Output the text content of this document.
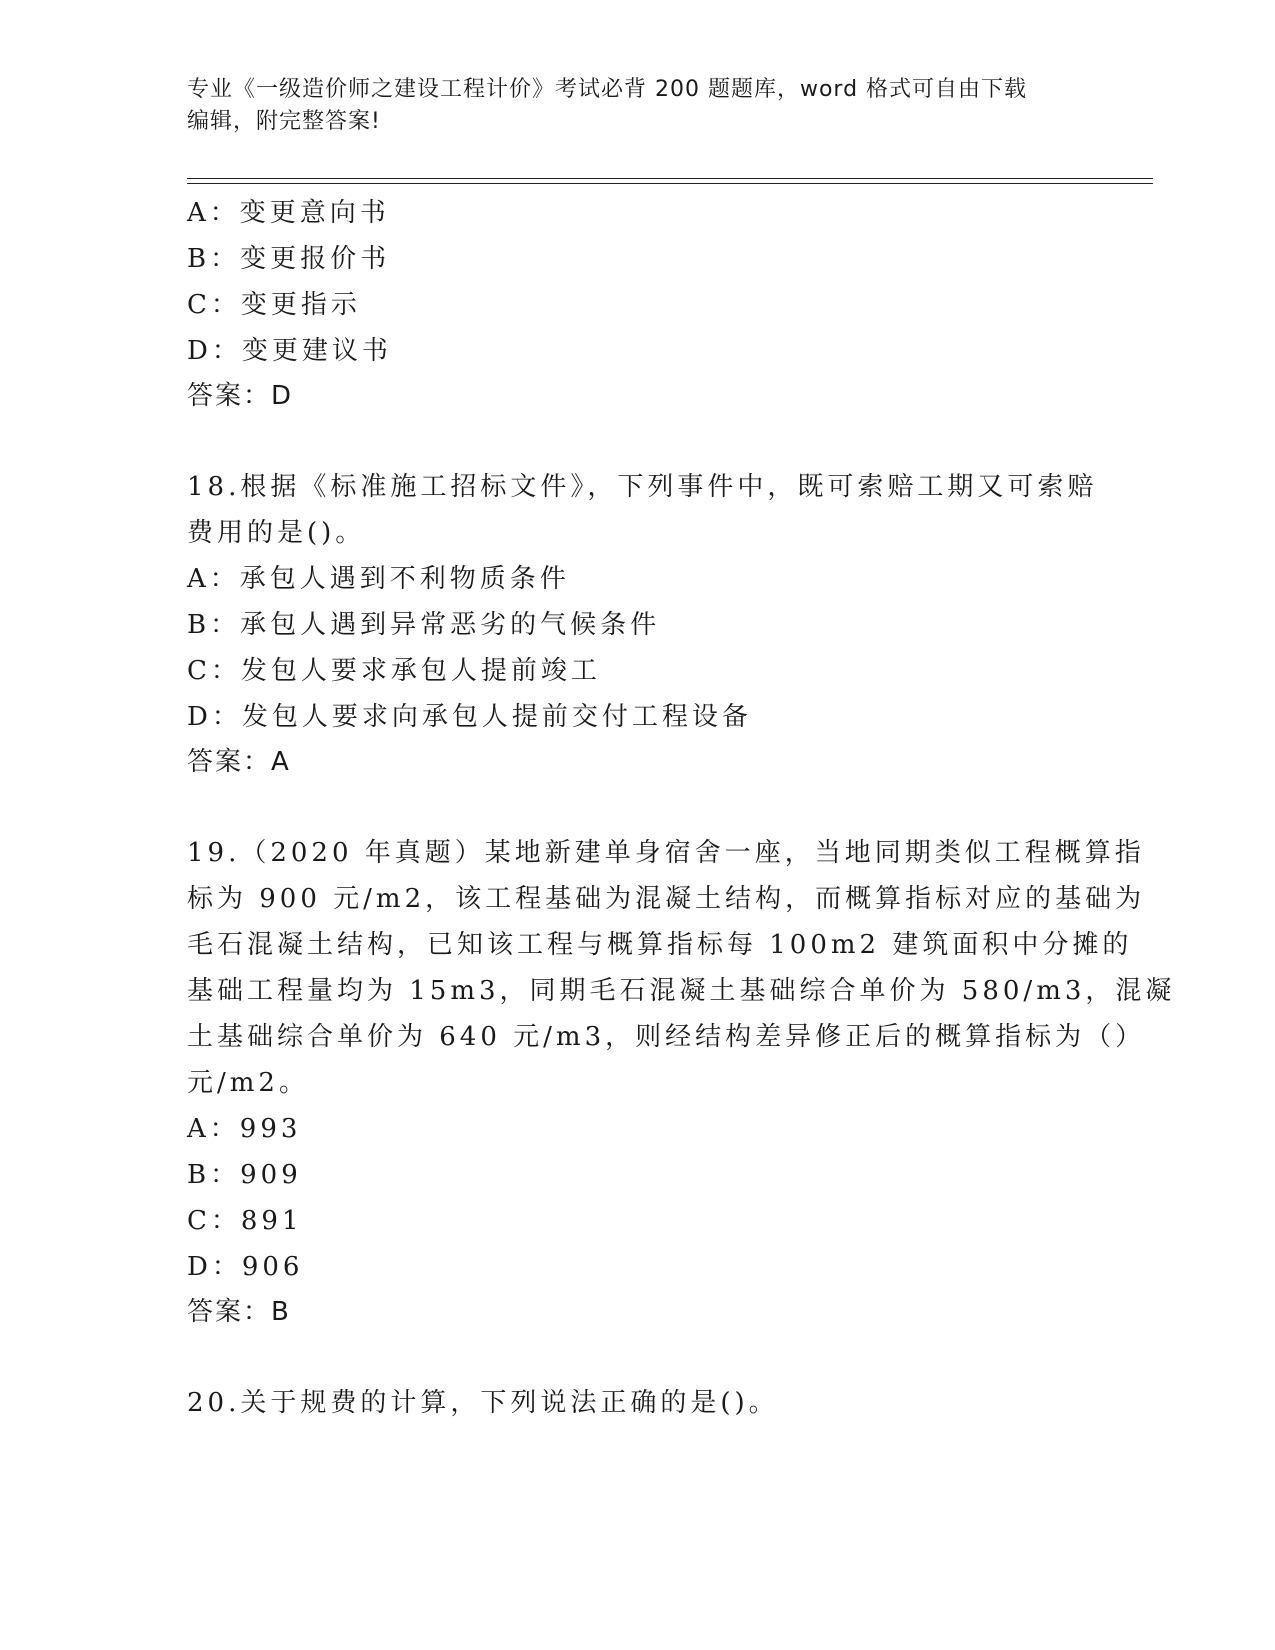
专业《一级造价师之建设工程计价》考试必背 200 题题库，word 格式可自由下载
编辑，附完整答案!
A：变更意向书
B：变更报价书
C：变更指示
D：变更建议书
答案：D
18.根据《标准施工招标文件》，下列事件中，既可索赔工期又可索赔
费用的是()。
A：承包人遇到不利物质条件
B：承包人遇到异常恶劣的气候条件
C：发包人要求承包人提前竣工
D：发包人要求向承包人提前交付工程设备
答案：A
19.（2020 年真题）某地新建单身宿舍一座，当地同期类似工程概算指
标为 900 元/m2，该工程基础为混凝土结构，而概算指标对应的基础为
毛石混凝土结构，已知该工程与概算指标每 100m2 建筑面积中分摊的
基础工程量均为 15m3，同期毛石混凝土基础综合单价为 580/m3，混凝
土基础综合单价为 640 元/m3，则经结构差异修正后的概算指标为（）
元/m2。
A：993
B：909
C：891
D：906
答案：B
20.关于规费的计算，下列说法正确的是()。
